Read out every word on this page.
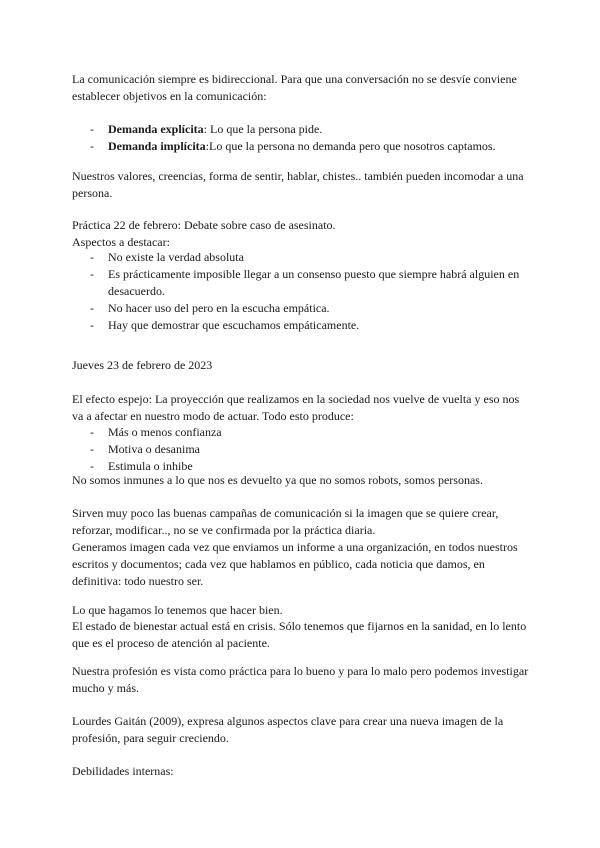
La comunicación siempre es bidireccional. Para que una conversación no se desvíe conviene establecer objetivos en la comunicación:

- Demanda explícita: Lo que la persona pide.
- Demanda implícita:Lo que la persona no demanda pero que nosotros captamos.

Nuestros valores, creencias, forma de sentir, hablar, chistes.. también pueden incomodar a una persona.

Práctica 22 de febrero: Debate sobre caso de asesinato.

Aspectos a destacar:

- No existe la verdad absoluta
- Es prácticamente imposible llegar a un consenso puesto que siempre habrá alguien en desacuerdo.
- No hacer uso del pero en la escucha empática.
- Hay que demostrar que escuchamos empáticamente.

Jueves 23 de febrero de 2023

El efecto espejo: La proyección que realizamos en la sociedad nos vuelve de vuelta y eso nos va a afectar en nuestro modo de actuar. Todo esto produce:

- Más o menos confianza
- Motiva o desanima
- Estimula o inhibe

No somos inmunes a lo que nos es devuelto ya que no somos robots, somos personas.

Sirven muy poco las buenas campañas de comunicación si la imagen que se quiere crear, reforzar, modificar.., no se ve confirmada por la práctica diaria.

Generamos imagen cada vez que enviamos un informe a una organización, en todos nuestros escritos y documentos; cada vez que hablamos en público, cada noticia que damos, en definitiva: todo nuestro ser.

Lo que hagamos lo tenemos que hacer bien.

El estado de bienestar actual está en crisis. Sólo tenemos que fijarnos en la sanidad, en lo lento que es el proceso de atención al paciente.

Nuestra profesión es vista como práctica para lo bueno y para lo malo pero podemos investigar mucho y más.

Lourdes Gaitán (2009), expresa algunos aspectos clave para crear una nueva imagen de la profesión, para seguir creciendo.

Debilidades internas:
